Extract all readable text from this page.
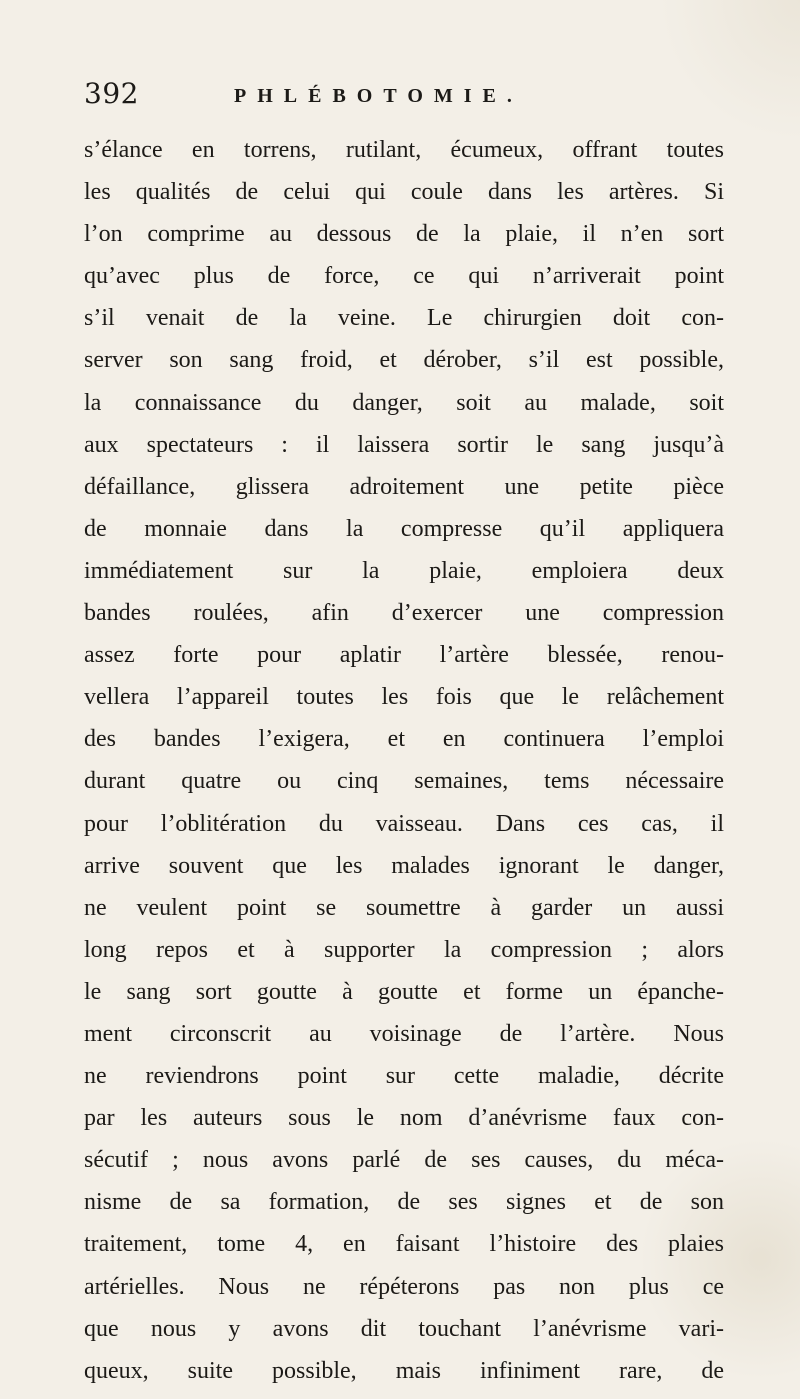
392	PHLÉBOTOMIE.
s’élance en torrens, rutilant, écumeux, offrant toutes
les qualités de celui qui coule dans les artères. Si
l’on comprime au dessous de la plaie, il n’en sort
qu’avec plus de force, ce qui n’arriverait point
s’il venait de la veine. Le chirurgien doit con-
server son sang froid, et dérober, s’il est possible,
la connaissance du danger, soit au malade, soit
aux spectateurs : il laissera sortir le sang jusqu’à
défaillance, glissera adroitement une petite pièce
de monnaie dans la compresse qu’il appliquera
immédiatement sur la plaie, emploiera deux
bandes roulées, afin d’exercer une compression
assez forte pour aplatir l’artère blessée, renou-
vellera l’appareil toutes les fois que le relâchement
des bandes l’exigera, et en continuera l’emploi
durant quatre ou cinq semaines, tems nécessaire
pour l’oblitération du vaisseau. Dans ces cas, il
arrive souvent que les malades ignorant le danger,
ne veulent point se soumettre à garder un aussi
long repos et à supporter la compression ; alors
le sang sort goutte à goutte et forme un épanche-
ment circonscrit au voisinage de l’artère. Nous
ne reviendrons point sur cette maladie, décrite
par les auteurs sous le nom d’anévrisme faux con-
sécutif ; nous avons parlé de ses causes, du méca-
nisme de sa formation, de ses signes et de son
traitement, tome 4, en faisant l’histoire des plaies
artérielles. Nous ne répéterons pas non plus ce
que nous y avons dit touchant l’anévrisme vari-
queux, suite possible, mais infiniment rare, de
